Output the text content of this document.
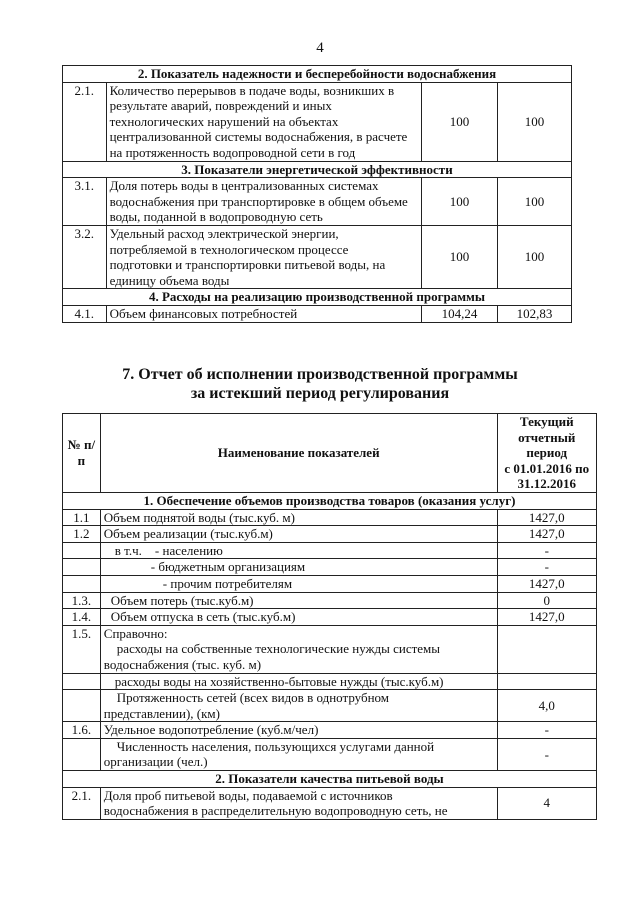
4
2. Показатель надежности и бесперебойности водоснабжения			
2.1.	Количество перерывов в подаче воды, возникших в
результате аварий, повреждений и иных
технологических нарушений на объектах
централизованной системы водоснабжения, в расчете
на протяженность водопроводной сети в год	100	100
3. Показатели энергетической эффективности			
3.1.	Доля потерь воды в централизованных системах
водоснабжения при транспортировке в общем объеме
воды, поданной в водопроводную сеть	100	100
3.2.	Удельный расход электрической энергии,
потребляемой в технологическом процессе
подготовки и транспортировки питьевой воды, на
единицу объема воды	100	100
4. Расходы на реализацию производственной программы			
4.1.	Объем финансовых потребностей	104,24	102,83
7. Отчет об исполнении производственной программы
за истекший период регулирования
№ п/п	Наименование показателей	Текущий
отчетный период
с 01.01.2016 по
31.12.2016

1. Обеспечение объемов производства товаров (оказания услуг)		
1.1	Объем поднятой воды (тыс.куб. м)	1427,0
1.2	Объем реализации (тыс.куб.м)	1427,0

	в т.ч.    - населению	-

	- бюджетным организациям	-

	- прочим потребителям	1427,0
1.3.	Объем потерь (тыс.куб.м)	0
1.4.	Объем отпуска в сеть (тыс.куб.м)	1427,0
1.5.	Справочно:
расходы на собственные технологические нужды системы
водоснабжения (тыс. куб. м)	

	расходы воды на хозяйственно-бытовые нужды (тыс.куб.м)	

	Протяженность сетей (всех видов в однотрубном
представлении), (км)	4,0
1.6.	Удельное водопотребление (куб.м/чел)	-

	Численность населения, пользующихся услугами данной
организации (чел.)	-
2. Показатели качества питьевой воды		
2.1.	Доля проб питьевой воды, подаваемой с источников
водоснабжения в распределительную водопроводную сеть, не	4
